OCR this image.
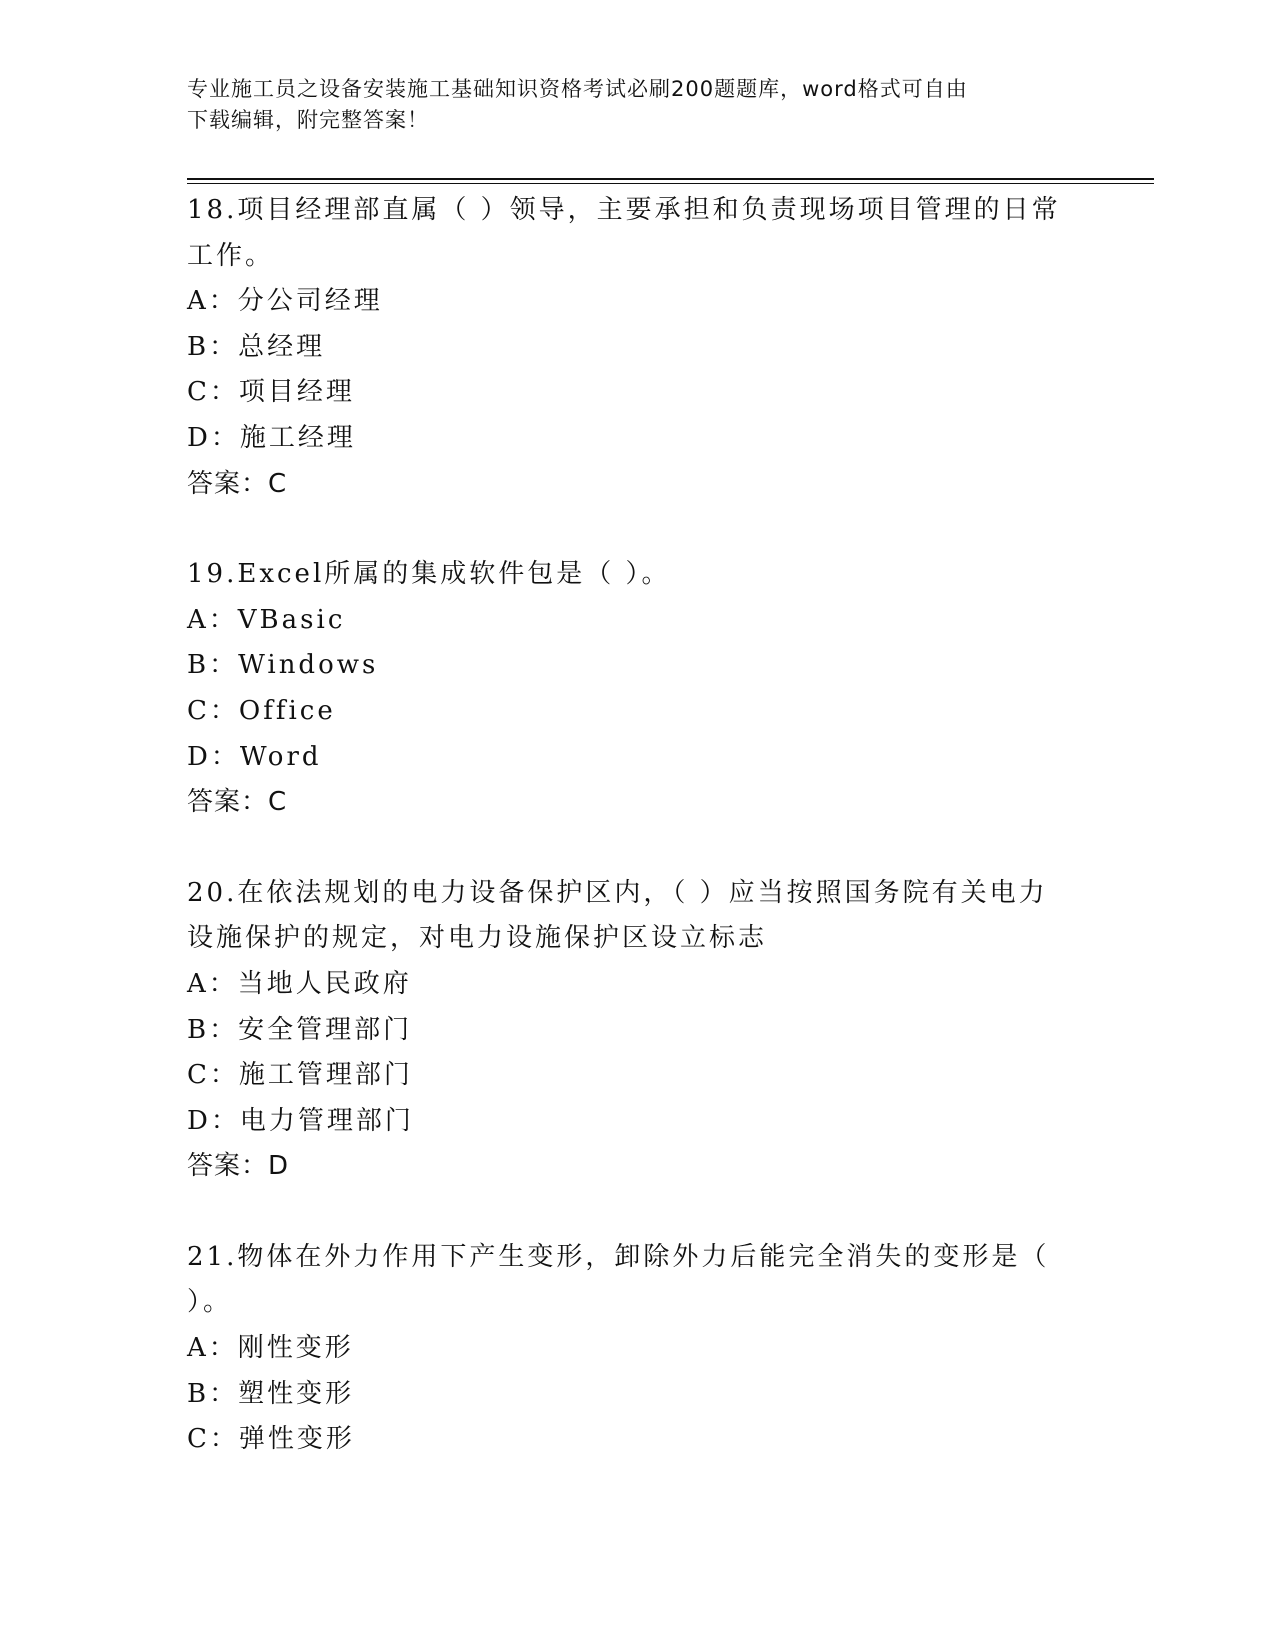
专业施工员之设备安装施工基础知识资格考试必刷200题题库，word格式可自由
下载编辑，附完整答案！
18.项目经理部直属（ ）领导，主要承担和负责现场项目管理的日常工作。
A：分公司经理
B：总经理
C：项目经理
D：施工经理
答案：C
19.Excel所属的集成软件包是（ ）。
A：VBasic
B：Windows
C：Office
D：Word
答案：C
20.在依法规划的电力设备保护区内，（ ）应当按照国务院有关电力设施保护的规定，对电力设施保护区设立标志
A：当地人民政府
B：安全管理部门
C：施工管理部门
D：电力管理部门
答案：D
21.物体在外力作用下产生变形，卸除外力后能完全消失的变形是（ ）。
A：刚性变形
B：塑性变形
C：弹性变形
